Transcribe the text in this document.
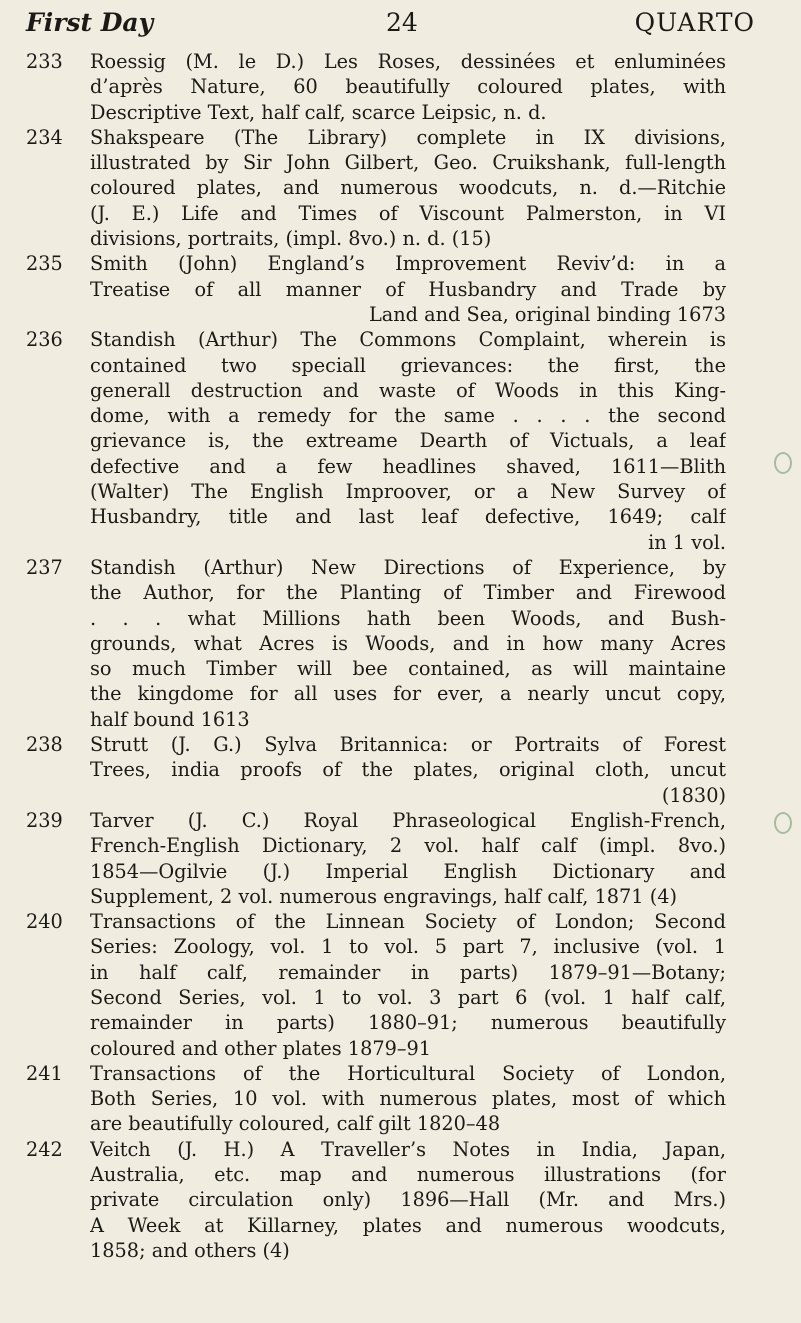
First Day	24	QUARTO
233	Roessig (M. le D.) Les Roses, dessinées et enluminées
d’après Nature, 60 beautifully coloured plates, with
Descriptive Text, half calf, scarce Leipsic, n. d.
234	Shakspeare (The Library) complete in IX divisions,
illustrated by Sir John Gilbert, Geo. Cruikshank, full-length
coloured plates, and numerous woodcuts, n. d.—Ritchie
(J. E.) Life and Times of Viscount Palmerston, in VI
divisions, portraits, (impl. 8vo.) n. d. (15)
235	Smith (John) England’s Improvement Reviv’d: in a
Treatise of all manner of Husbandry and Trade by
Land and Sea, original binding 1673
236	Standish (Arthur) The Commons Complaint, wherein is
contained two speciall grievances: the first, the
generall destruction and waste of Woods in this King-
dome, with a remedy for the same . . . . the second
grievance is, the extreame Dearth of Victuals, a leaf
defective and a few headlines shaved, 1611—Blith
(Walter) The English Improover, or a New Survey of
Husbandry, title and last leaf defective, 1649; calf
in 1 vol.
237	Standish (Arthur) New Directions of Experience, by
the Author, for the Planting of Timber and Firewood
. . . what Millions hath been Woods, and Bush-
grounds, what Acres is Woods, and in how many Acres
so much Timber will bee contained, as will maintaine
the kingdome for all uses for ever, a nearly uncut copy,
half bound 1613
238	Strutt (J. G.) Sylva Britannica: or Portraits of Forest
Trees, india proofs of the plates, original cloth, uncut
(1830)
239	Tarver (J. C.) Royal Phraseological English-French,
French-English Dictionary, 2 vol. half calf (impl. 8vo.)
1854—Ogilvie (J.) Imperial English Dictionary and
Supplement, 2 vol. numerous engravings, half calf, 1871 (4)
240	Transactions of the Linnean Society of London; Second
Series: Zoology, vol. 1 to vol. 5 part 7, inclusive (vol. 1
in half calf, remainder in parts) 1879–91—Botany;
Second Series, vol. 1 to vol. 3 part 6 (vol. 1 half calf,
remainder in parts) 1880–91; numerous beautifully
coloured and other plates 1879–91
241	Transactions of the Horticultural Society of London,
Both Series, 10 vol. with numerous plates, most of which
are beautifully coloured, calf gilt 1820–48
242	Veitch (J. H.) A Traveller’s Notes in India, Japan,
Australia, etc. map and numerous illustrations (for
private circulation only) 1896—Hall (Mr. and Mrs.)
A Week at Killarney, plates and numerous woodcuts,
1858; and others (4)
